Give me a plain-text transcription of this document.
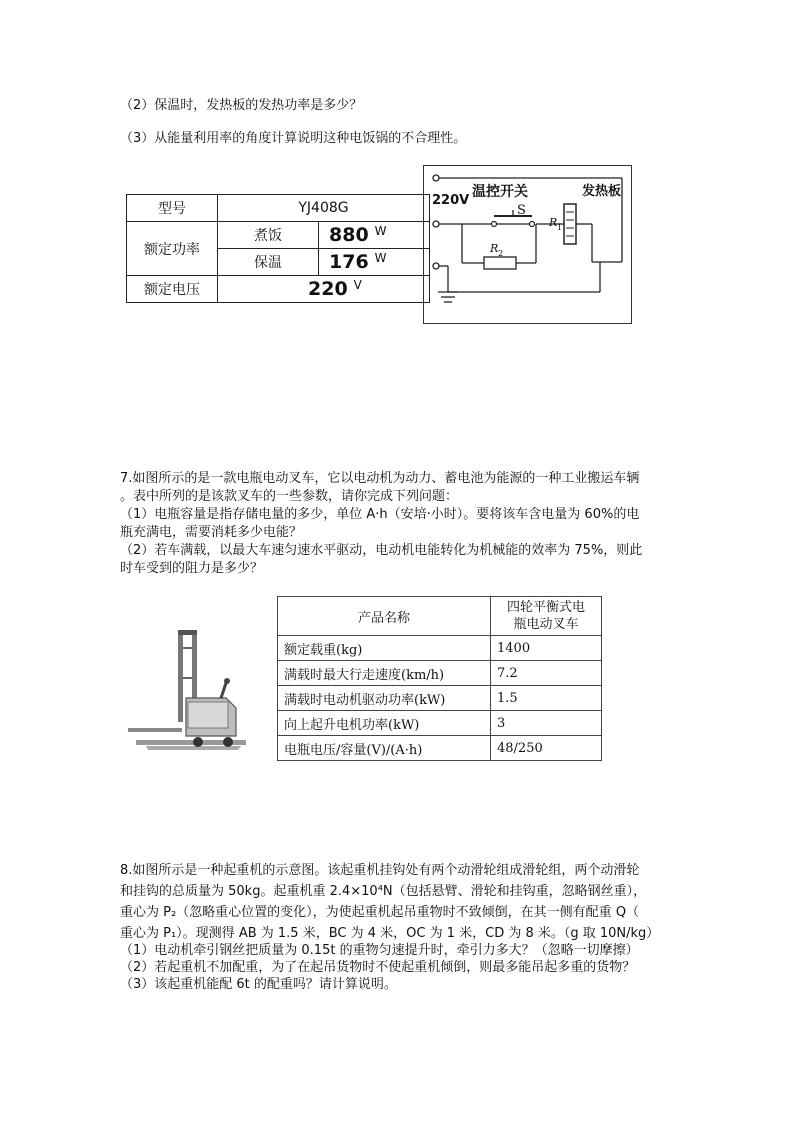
（2）保温时，发热板的发热功率是多少？
（3）从能量利用率的角度计算说明这种电饭锅的不合理性。
型号	YJ408G	
额定功率	煮饭	880 W
	保温	176 W
额定电压	220 V	
220V
温控开关
S
发热板
R 1
R 2
7.如图所示的是一款电瓶电动叉车，它以电动机为动力、蓄电池为能源的一种工业搬运车辆
。表中所列的是该款叉车的一些参数，请你完成下列问题：
（1）电瓶容量是指存储电量的多少，单位 A·h（安培·小时）。要将该车含电量为 60%的电
瓶充满电，需要消耗多少电能？
（2）若车满载，以最大车速匀速水平驱动，电动机电能转化为机械能的效率为 75%，则此
时车受到的阻力是多少？
产品名称	四轮平衡式电
瓶电动叉车

额定载重(kg)	1400
满载时最大行走速度(km/h)	7.2
满载时电动机驱动功率(kW)	1.5
向上起升电机功率(kW)	3
电瓶电压/容量(V)/(A·h)	48/250
8.如图所示是一种起重机的示意图。该起重机挂钩处有两个动滑轮组成滑轮组，两个动滑轮
和挂钩的总质量为 50kg。起重机重 2.4×10⁴N（包括悬臂、滑轮和挂钩重，忽略钢丝重），
重心为 P₂（忽略重心位置的变化），为使起重机起吊重物时不致倾倒，在其一侧有配重 Q（
重心为 P₁）。现测得 AB 为 1.5 米，BC 为 4 米，OC 为 1 米，CD 为 8 米。（g 取 10N/kg）
（1）电动机牵引钢丝把质量为 0.15t 的重物匀速提升时，牵引力多大？（忽略一切摩擦）
（2）若起重机不加配重，为了在起吊货物时不使起重机倾倒，则最多能吊起多重的货物？
（3）该起重机能配 6t 的配重吗？请计算说明。
